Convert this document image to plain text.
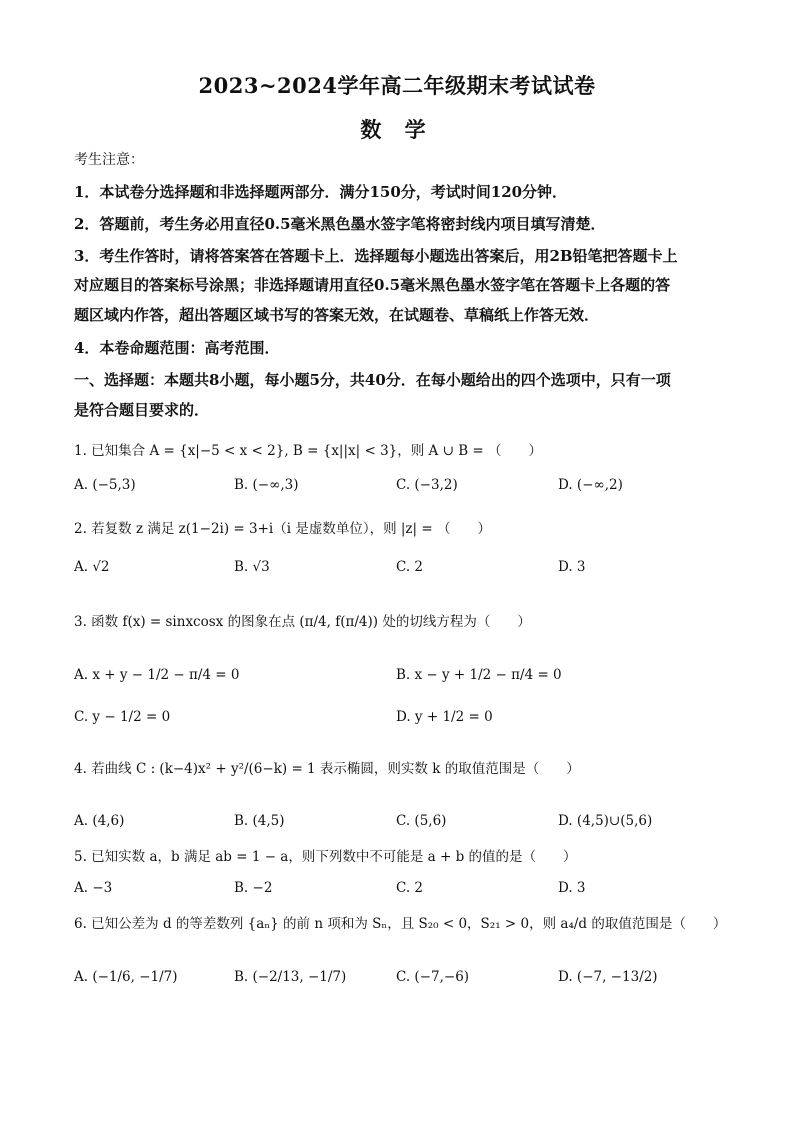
2023~2024学年高二年级期末考试试卷
数 学
考生注意：
1．本试卷分选择题和非选择题两部分．满分150分，考试时间120分钟．
2．答题前，考生务必用直径0.5毫米黑色墨水签字笔将密封线内项目填写清楚．
3．考生作答时，请将答案答在答题卡上．选择题每小题选出答案后，用2B铅笔把答题卡上
对应题目的答案标号涂黑；非选择题请用直径0.5毫米黑色墨水签字笔在答题卡上各题的答
题区域内作答，超出答题区域书写的答案无效，在试题卷、草稿纸上作答无效．
4．本卷命题范围：高考范围．
一、选择题：本题共8小题，每小题5分，共40分．在每小题给出的四个选项中，只有一项
是符合题目要求的．
1. 已知集合 A = {x|−5 < x < 2}, B = {x||x| < 3}，则 A ∪ B = （　　）
A. (−5,3)	B. (−∞,3)	C. (−3,2)	D. (−∞,2)
2. 若复数 z 满足 z(1−2i) = 3+i（i 是虚数单位），则 |z| = （　　）
A. √2	B. √3	C. 2	D. 3
3. 函数 f(x) = sinxcosx 的图象在点 (π/4, f(π/4)) 处的切线方程为（　　）
A. x + y − 1/2 − π/4 = 0	B. x − y + 1/2 − π/4 = 0
C. y − 1/2 = 0	D. y + 1/2 = 0
4. 若曲线 C : (k−4)x² + y²/(6−k) = 1 表示椭圆，则实数 k 的取值范围是（　　）
A. (4,6)	B. (4,5)	C. (5,6)	D. (4,5)∪(5,6)
5. 已知实数 a，b 满足 ab = 1 − a，则下列数中不可能是 a + b 的值的是（　　）
A. −3	B. −2	C. 2	D. 3
6. 已知公差为 d 的等差数列 {aₙ} 的前 n 项和为 Sₙ，且 S₂₀ < 0，S₂₁ > 0，则 a₄/d 的取值范围是（　　）
A. (−1/6, −1/7)	B. (−2/13, −1/7)	C. (−7,−6)	D. (−7, −13/2)
